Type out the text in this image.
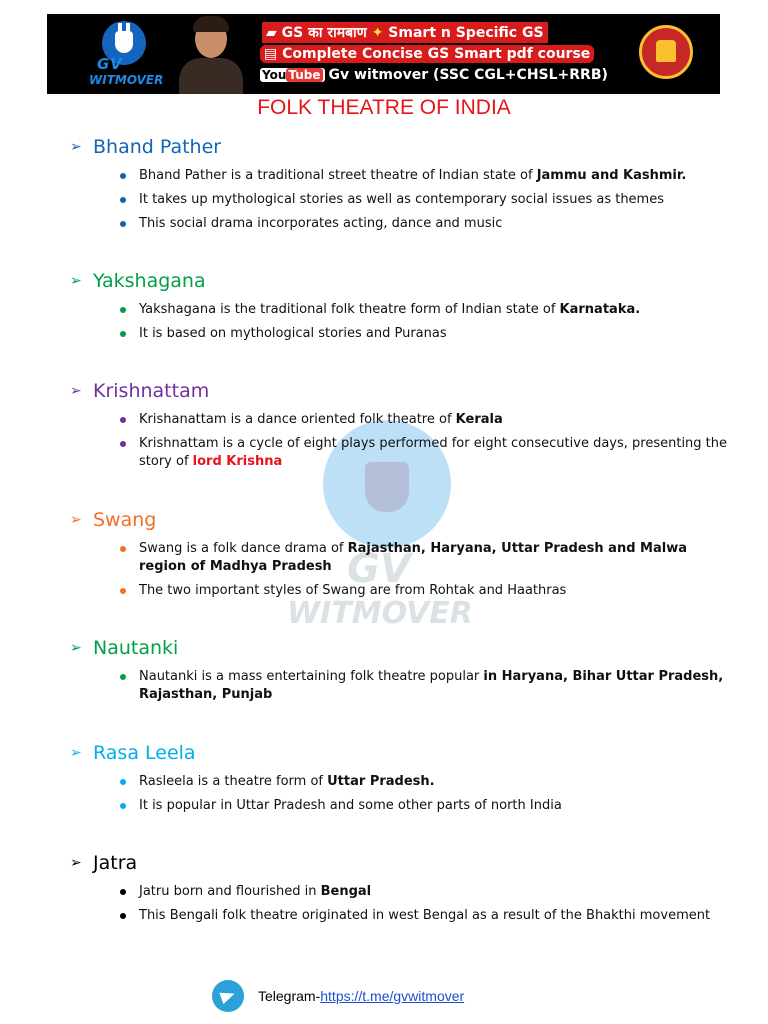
GV
WITMOVER
▰ GS का रामबाण ✦ Smart n Specific GS
▤ Complete Concise GS Smart pdf course
You Tube Gv witmover (SSC CGL+CHSL+RRB)
FOLK THEATRE OF INDIA
GV
WITMOVER
➢ Bhand Pather
Bhand Pather is a traditional street theatre of Indian state of Jammu and Kashmir.
It takes up mythological stories as well as contemporary social issues as themes
This social drama incorporates acting, dance and music
➢ Yakshagana
Yakshagana is the traditional folk theatre form of Indian state of Karnataka.
It is based on mythological stories and Puranas
➢ Krishnattam
Krishanattam is a dance oriented folk theatre of Kerala
Krishnattam is a cycle of eight plays performed for eight consecutive days, presenting the story of lord Krishna
➢ Swang
Swang is a folk dance drama of Rajasthan, Haryana, Uttar Pradesh and Malwa region of Madhya Pradesh
The two important styles of Swang are from Rohtak and Haathras
➢ Nautanki
Nautanki is a mass entertaining folk theatre popular in Haryana, Bihar Uttar Pradesh, Rajasthan, Punjab
➢ Rasa Leela
Rasleela is a theatre form of Uttar Pradesh.
It is popular in Uttar Pradesh and some other parts of north India
➢ Jatra
Jatru born and flourished in Bengal
This Bengali folk theatre originated in west Bengal as a result of the Bhakthi movement
Telegram- https://t.me/gvwitmover
